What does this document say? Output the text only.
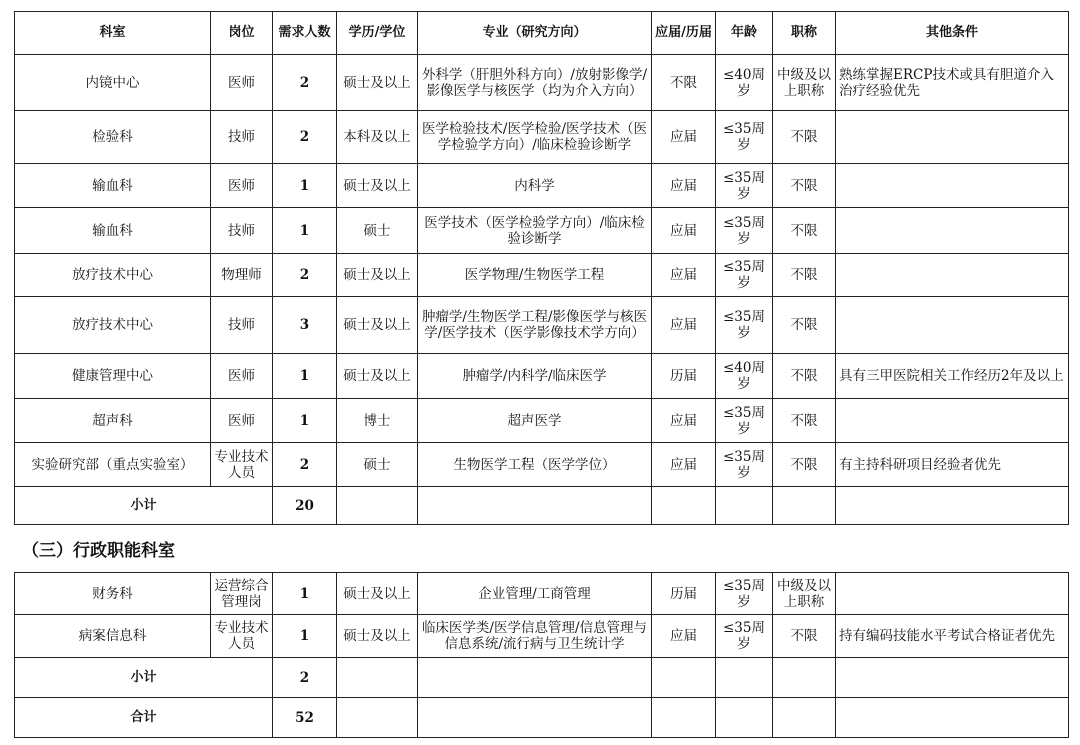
科室	岗位	需求人数	学历/学位	专业（研究方向）	应届/历届	年龄	职称	其他条件
内镜中心	医师	2	硕士及以上	外科学（肝胆外科方向）/放射影像学/影像医学与核医学（均为介入方向）	不限	≤40周岁	中级及以上职称	熟练掌握ERCP技术或具有胆道介入治疗经验优先
检验科	技师	2	本科及以上	医学检验技术/医学检验/医学技术（医学检验学方向）/临床检验诊断学	应届	≤35周岁	不限	
输血科	医师	1	硕士及以上	内科学	应届	≤35周岁	不限	
输血科	技师	1	硕士	医学技术（医学检验学方向）/临床检验诊断学	应届	≤35周岁	不限	
放疗技术中心	物理师	2	硕士及以上	医学物理/生物医学工程	应届	≤35周岁	不限	
放疗技术中心	技师	3	硕士及以上	肿瘤学/生物医学工程/影像医学与核医学/医学技术（医学影像技术学方向）	应届	≤35周岁	不限	
健康管理中心	医师	1	硕士及以上	肿瘤学/内科学/临床医学	历届	≤40周岁	不限	具有三甲医院相关工作经历2年及以上
超声科	医师	1	博士	超声医学	应届	≤35周岁	不限	
实验研究部（重点实验室）	专业技术人员	2	硕士	生物医学工程（医学学位）	应届	≤35周岁	不限	有主持科研项目经验者优先
小计		20						
（三）行政职能科室
财务科	运营综合管理岗	1	硕士及以上	企业管理/工商管理	历届	≤35周岁	中级及以上职称	
病案信息科	专业技术人员	1	硕士及以上	临床医学类/医学信息管理/信息管理与信息系统/流行病与卫生统计学	应届	≤35周岁	不限	持有编码技能水平考试合格证者优先
小计		2						
合计		52						
